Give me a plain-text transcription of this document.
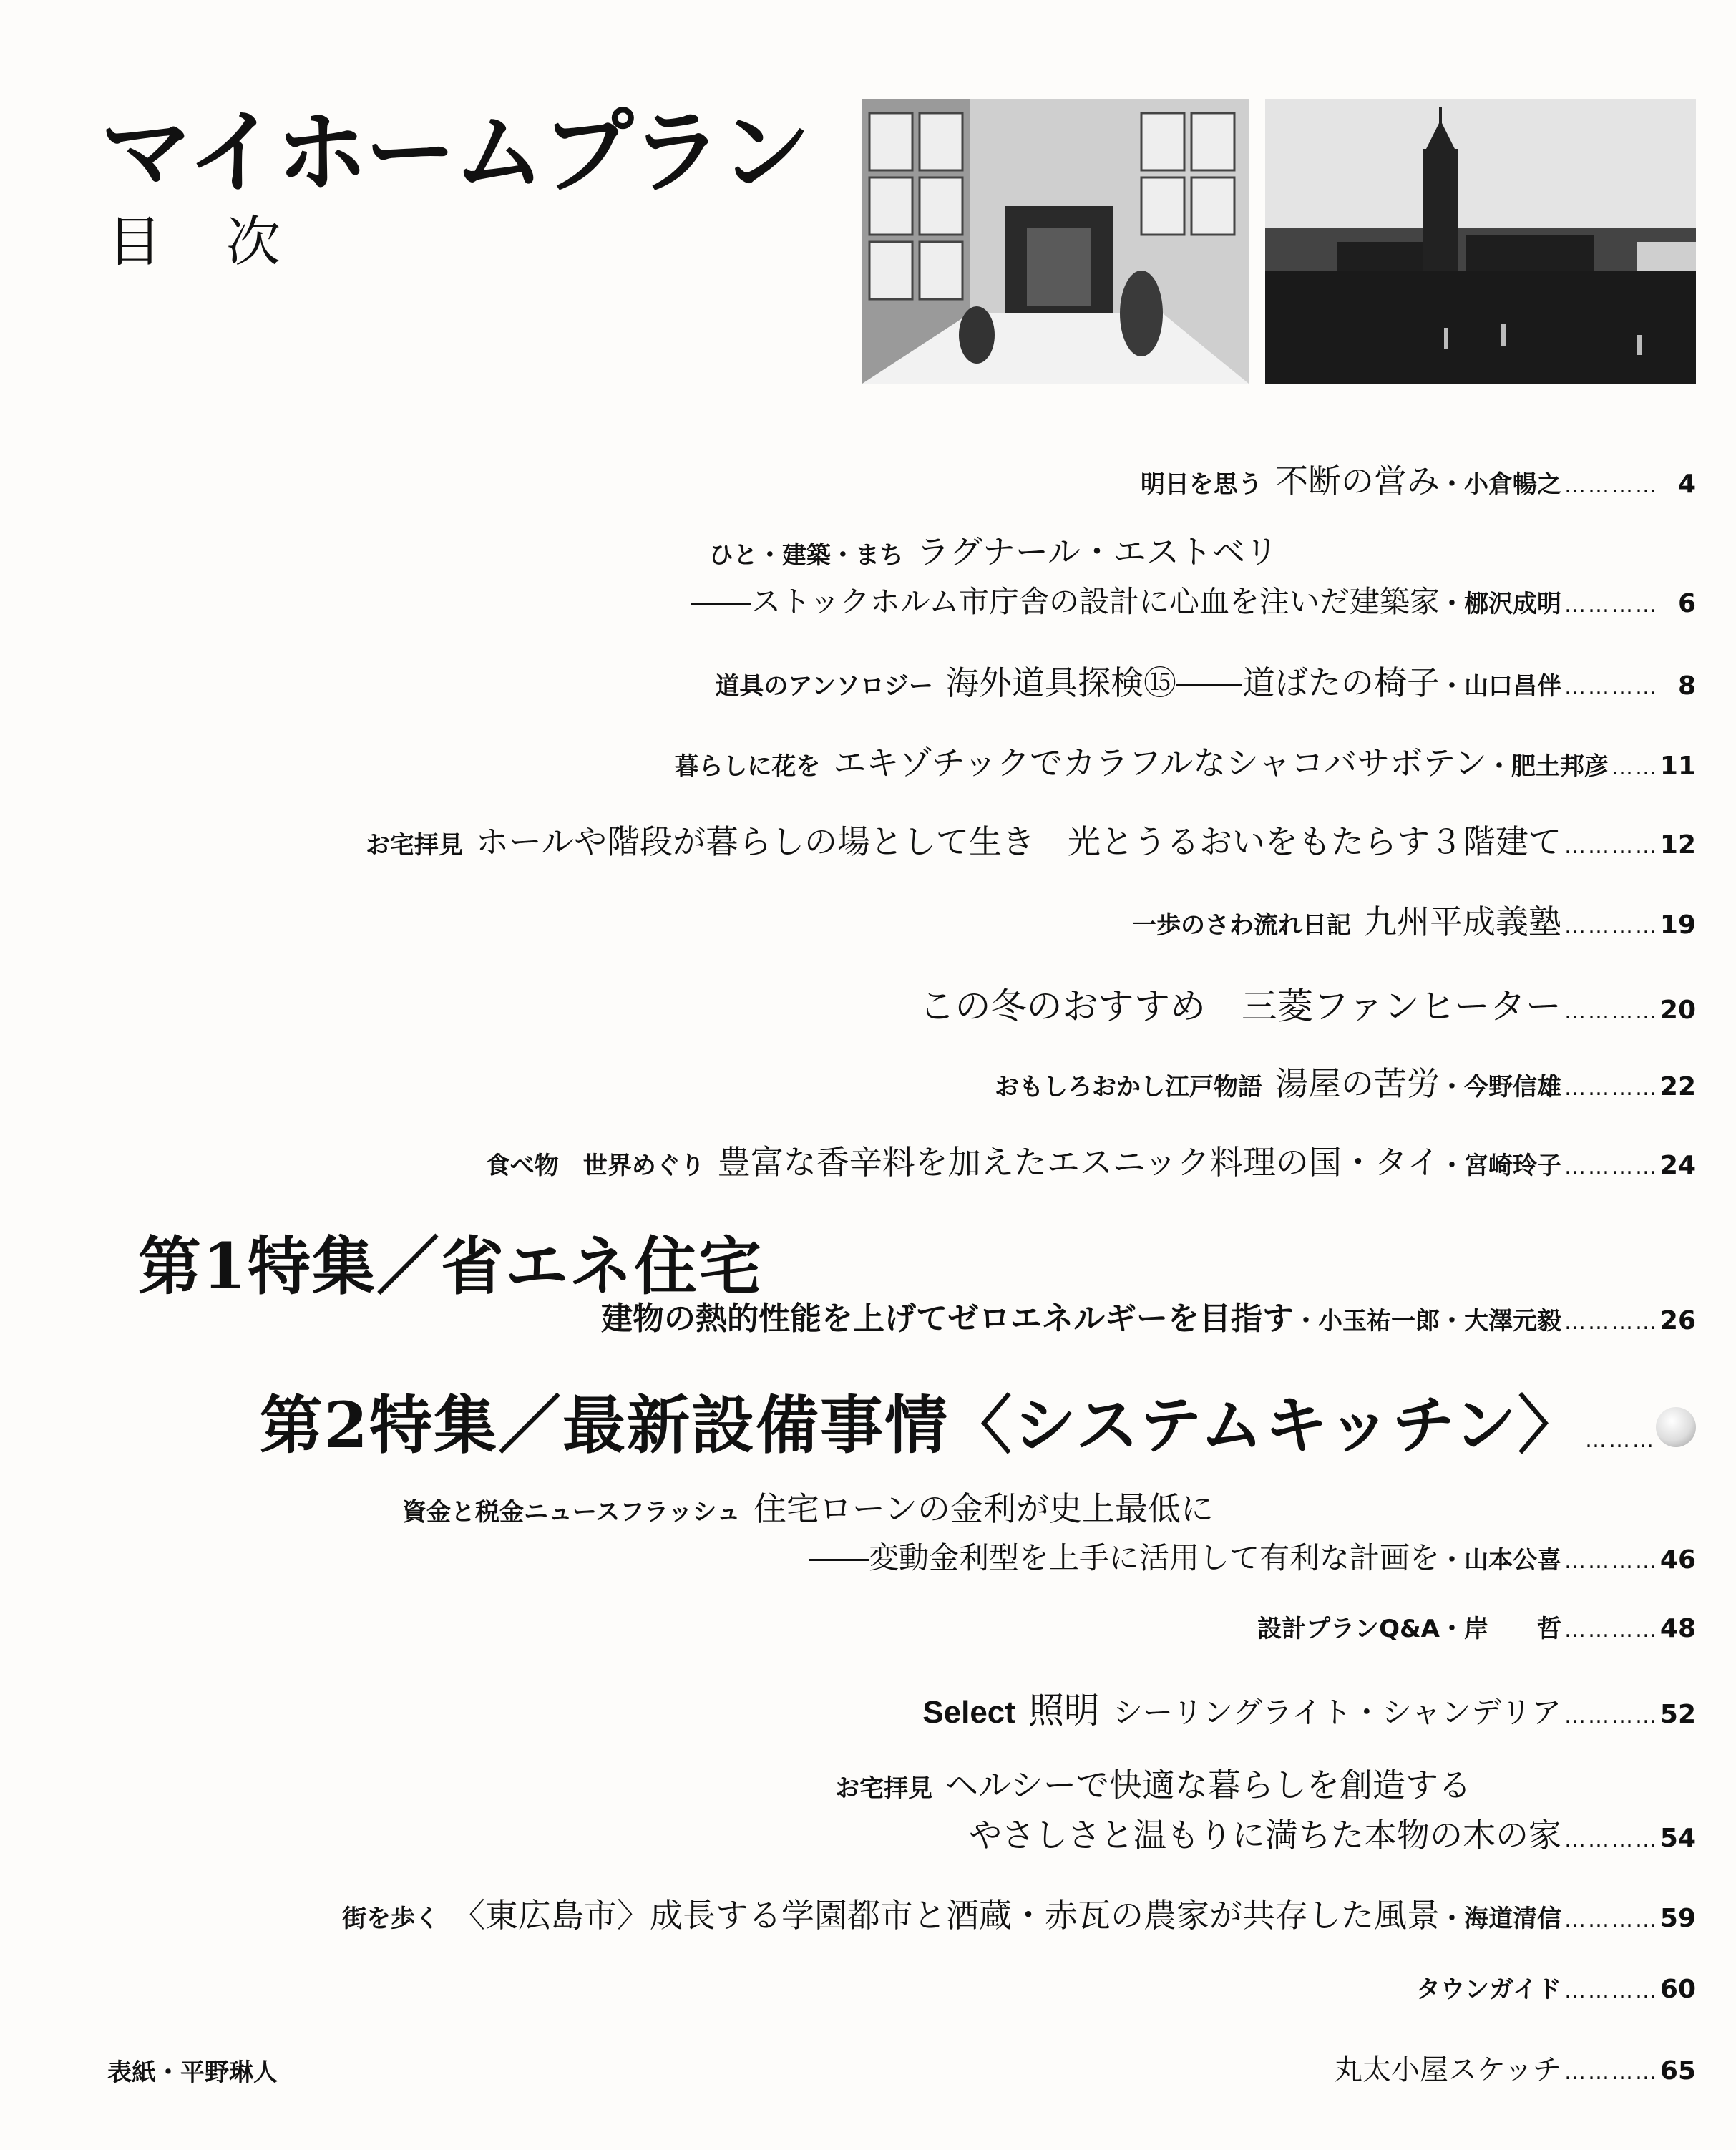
マイホームプラン
目次
明日を思う 不断の営み ・小倉暢之 ………… 4
ひと・建築・まち ラグナール・エストベリ
――ストックホルム市庁舎の設計に心血を注いだ建築家 ・梛沢成明 ………… 6
道具のアンソロジー 海外道具探検⑮――道ばたの椅子 ・山口昌伴 ………… 8
暮らしに花を エキゾチックでカラフルなシャコバサボテン ・肥土邦彦 …… 11
お宅拝見 ホールや階段が暮らしの場として生き　光とうるおいをもたらす３階建て ………… 12
一歩のさわ流れ日記 九州平成義塾 ………… 19
この冬のおすすめ　三菱ファンヒーター ………… 20
おもしろおかし江戸物語 湯屋の苦労 ・今野信雄 ………… 22
食べ物　世界めぐり 豊富な香辛料を加えたエスニック料理の国・タイ ・宮崎玲子 ………… 24
第1特集／省エネ住宅
建物の熱的性能を上げてゼロエネルギーを目指す ・小玉祐一郎・大澤元毅 ………… 26
第2特集／最新設備事情〈システムキッチン〉 ………
資金と税金ニュースフラッシュ 住宅ローンの金利が史上最低に
――変動金利型を上手に活用して有利な計画を ・山本公喜 ………… 46
設計プランQ&A ・岸　　哲 ………… 48
Select 照明 シーリングライト・シャンデリア ………… 52
お宅拝見 ヘルシーで快適な暮らしを創造する
やさしさと温もりに満ちた本物の木の家 ………… 54
街を歩く 〈東広島市〉成長する学園都市と酒蔵・赤瓦の農家が共存した風景 ・海道清信 ………… 59
タウンガイド ………… 60
丸太小屋スケッチ ………… 65
表紙・平野琳人
